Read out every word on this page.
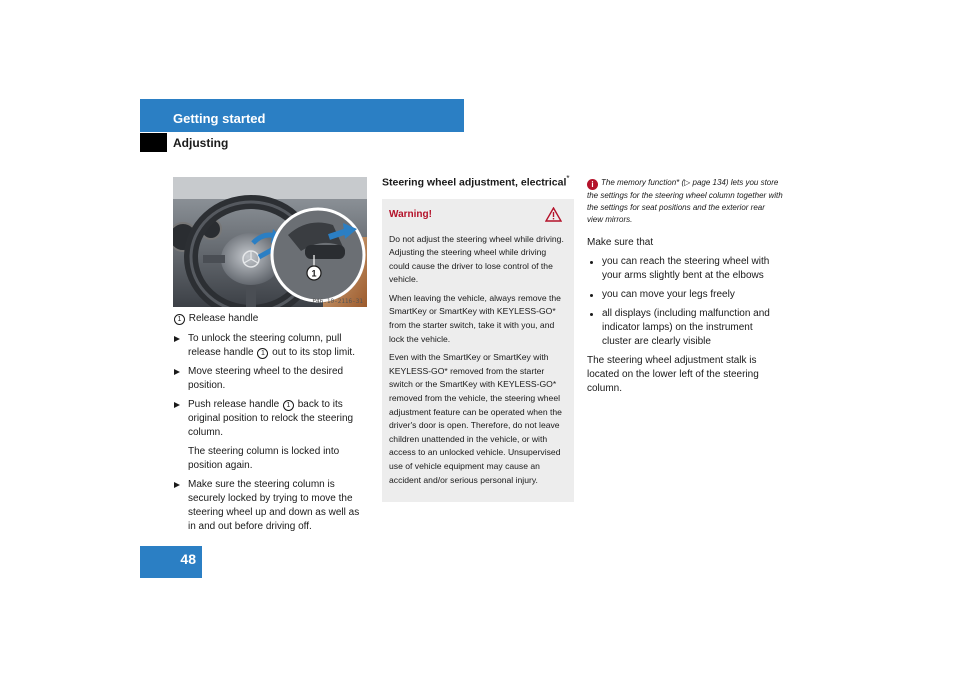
Getting started
Adjusting
48
1
P46.10-2116-31
1 Release handle
To unlock the steering column, pull release handle 1 out to its stop limit.
Move steering wheel to the desired position.
Push release handle 1 back to its original position to relock the steering column.
The steering column is locked into position again.
Make sure the steering column is securely locked by trying to move the steering wheel up and down as well as in and out before driving off.
Steering wheel adjustment, electrical*
Warning!
Do not adjust the steering wheel while driving. Adjusting the steering wheel while driving could cause the driver to lose control of the vehicle.
When leaving the vehicle, always remove the SmartKey or SmartKey with KEYLESS-GO* from the starter switch, take it with you, and lock the vehicle.
Even with the SmartKey or SmartKey with KEYLESS-GO* removed from the starter switch or the SmartKey with KEYLESS-GO* removed from the vehicle, the steering wheel adjustment feature can be operated when the driver's door is open. Therefore, do not leave children unattended in the vehicle, or with access to an unlocked vehicle. Unsupervised use of vehicle equipment may cause an accident and/or serious personal injury.
i The memory function* (▷ page 134) lets you store the settings for the steering wheel column together with the settings for seat positions and the exterior rear view mirrors.
Make sure that
you can reach the steering wheel with your arms slightly bent at the elbows
you can move your legs freely
all displays (including malfunction and indicator lamps) on the instrument cluster are clearly visible
The steering wheel adjustment stalk is located on the lower left of the steering column.
